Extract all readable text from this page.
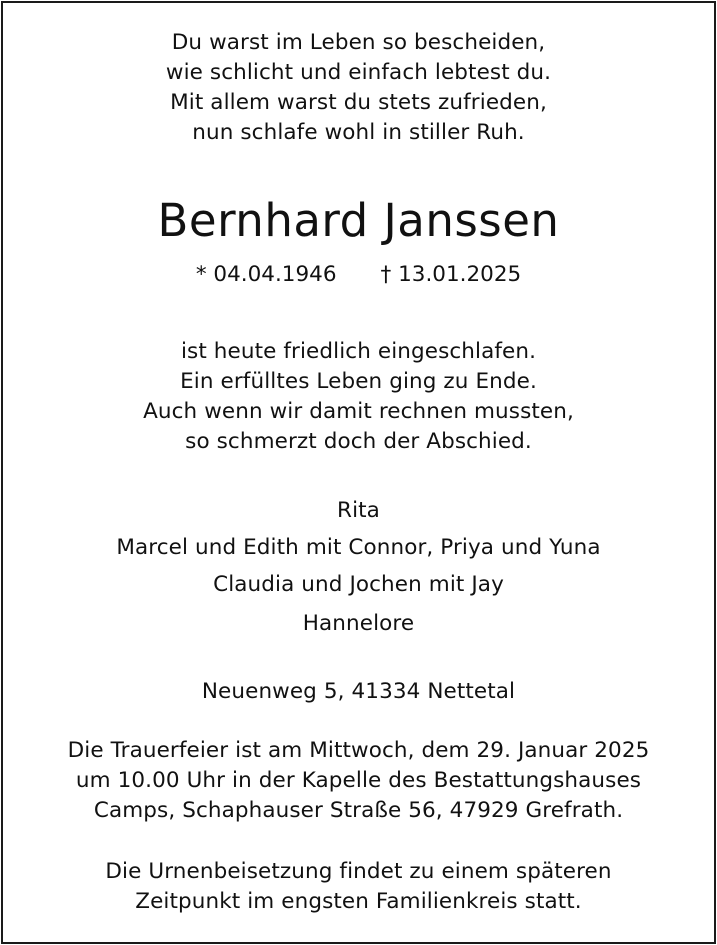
Du warst im Leben so bescheiden,
wie schlicht und einfach lebtest du.
Mit allem warst du stets zufrieden,
nun schlafe wohl in stiller Ruh.
Bernhard Janssen
* 04.04.1946 † 13.01.2025
ist heute friedlich eingeschlafen.
Ein erfülltes Leben ging zu Ende.
Auch wenn wir damit rechnen mussten,
so schmerzt doch der Abschied.
Rita
Marcel und Edith mit Connor, Priya und Yuna
Claudia und Jochen mit Jay
Hannelore
Neuenweg 5, 41334 Nettetal
Die Trauerfeier ist am Mittwoch, dem 29. Januar 2025
um 10.00 Uhr in der Kapelle des Bestattungshauses
Camps, Schaphauser Straße 56, 47929 Grefrath.
Die Urnenbeisetzung findet zu einem späteren
Zeitpunkt im engsten Familienkreis statt.
